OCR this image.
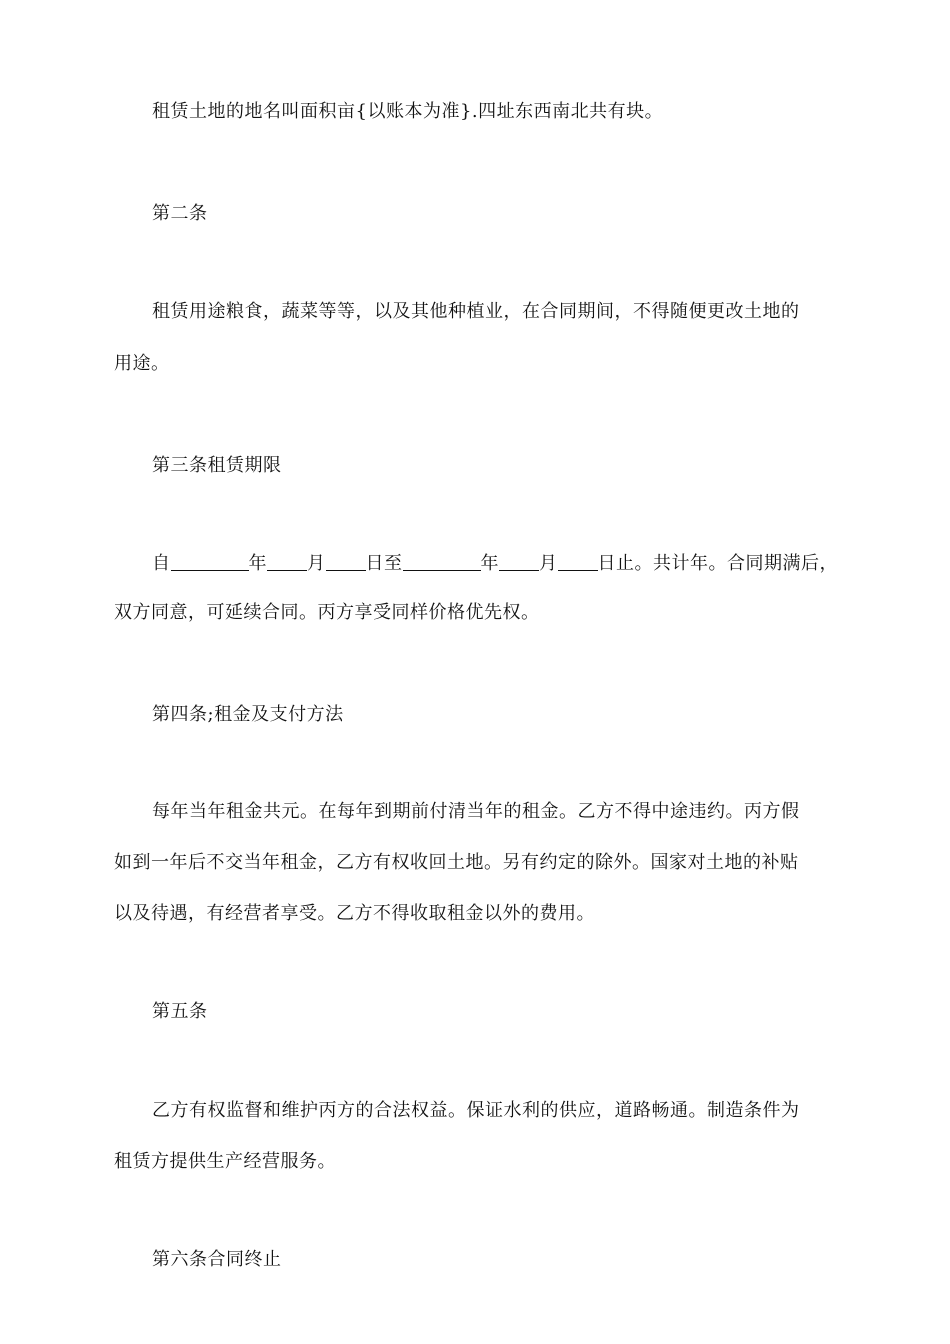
租赁土地的地名叫面积亩{以账本为准}.四址东西南北共有块。
第二条
租赁用途粮食，蔬菜等等，以及其他种植业，在合同期间，不得随便更改土地的
用途。
第三条租赁期限
自	年 月 日至	年 月 日止。共计年。合同期满后，
双方同意，可延续合同。丙方享受同样价格优先权。
第四条;租金及支付方法
每年当年租金共元。在每年到期前付清当年的租金。乙方不得中途违约。丙方假
如到一年后不交当年租金，乙方有权收回土地。另有约定的除外。国家对土地的补贴
以及待遇，有经营者享受。乙方不得收取租金以外的费用。
第五条
乙方有权监督和维护丙方的合法权益。保证水利的供应，道路畅通。制造条件为
租赁方提供生产经营服务。
第六条合同终止
